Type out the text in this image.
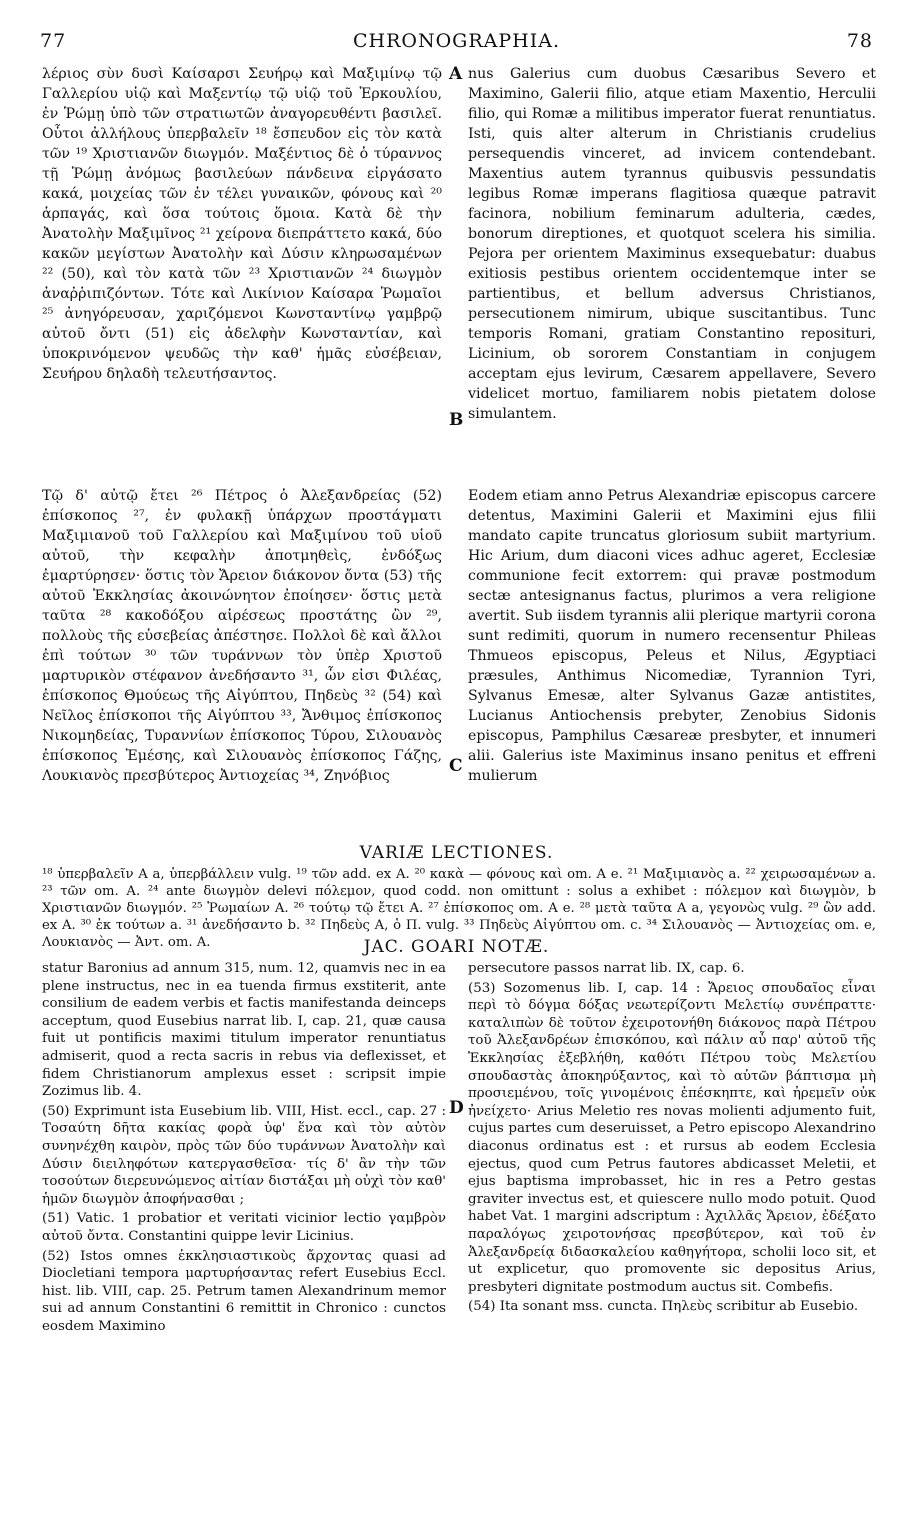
77	CHRONOGRAPHIA.	78

λέριος σὺν δυσὶ Καίσαρσι Σευήρῳ καὶ Μαξιμίνῳ τῷ Γαλλερίου υἱῷ καὶ Μαξεντίῳ τῷ υἱῷ τοῦ Ἑρκουλίου, ἐν Ῥώμῃ ὑπὸ τῶν στρατιωτῶν ἀναγορευθέντι βασιλεῖ. Οὗτοι ἀλλήλους ὑπερβαλεῖν ¹⁸ ἔσπευδον εἰς τὸν κατὰ τῶν ¹⁹ Χριστιανῶν διωγμόν. Μαξέντιος δὲ ὁ τύραννος τῇ Ῥώμῃ ἀνόμως βασιλεύων πάνδεινα εἰργάσατο κακά, μοιχείας τῶν ἐν τέλει γυναικῶν, φόνους καὶ ²⁰ ἁρπαγάς, καὶ ὅσα τούτοις ὅμοια. Κατὰ δὲ τὴν Ἀνατολὴν Μαξιμῖνος ²¹ χείρονα διεπράττετο κακά, δύο κακῶν μεγίστων Ἀνατολὴν καὶ Δύσιν κληρωσαμένων ²² (50), καὶ τὸν κατὰ τῶν ²³ Χριστιανῶν ²⁴ διωγμὸν ἀναῤῥιπιζόντων. Τότε καὶ Λικίνιον Καίσαρα Ῥωμαῖοι ²⁵ ἀνηγόρευσαν, χαριζόμενοι Κωνσταντίνῳ γαμβρῷ αὐτοῦ ὄντι (51) εἰς ἀδελφὴν Κωνσταντίαν, καὶ ὑποκρινόμενον ψευδῶς τὴν καθ' ἡμᾶς εὐσέβειαν, Σευήρου δηλαδὴ τελευτήσαντος.

Τῷ δ' αὐτῷ ἔτει ²⁶ Πέτρος ὁ Ἀλεξανδρείας (52) ἐπίσκοπος ²⁷, ἐν φυλακῇ ὑπάρχων προστάγματι Μαξιμιανοῦ τοῦ Γαλλερίου καὶ Μαξιμίνου τοῦ υἱοῦ αὐτοῦ, τὴν κεφαλὴν ἀποτμηθεὶς, ἐνδόξως ἐμαρτύρησεν· ὅστις τὸν Ἄρειον διάκονον ὄντα (53) τῆς αὐτοῦ Ἐκκλησίας ἀκοινώνητον ἐποίησεν· ὅστις μετὰ ταῦτα ²⁸ κακοδόξου αἱρέσεως προστάτης ὢν ²⁹, πολλοὺς τῆς εὐσεβείας ἀπέστησε. Πολλοὶ δὲ καὶ ἄλλοι ἐπὶ τούτων ³⁰ τῶν τυράννων τὸν ὑπὲρ Χριστοῦ μαρτυρικὸν στέφανον ἀνεδήσαντο ³¹, ὧν εἰσι Φιλέας, ἐπίσκοπος Θμούεως τῆς Αἰγύπτου, Πηδεὺς ³² (54) καὶ Νεῖλος ἐπίσκοποι τῆς Αἰγύπτου ³³, Ἄνθιμος ἐπίσκοπος Νικομηδείας, Τυραννίων ἐπίσκοπος Τύρου, Σιλουανὸς ἐπίσκοπος Ἐμέσης, καὶ Σιλουανὸς ἐπίσκοπος Γάζης, Λουκιανὸς πρεσβύτερος Ἀντιοχείας ³⁴, Ζηνόβιος

nus Galerius cum duobus Cæsaribus Severo et Maximino, Galerii filio, atque etiam Maxentio, Herculii filio, qui Romæ a militibus imperator fuerat renuntiatus. Isti, quis alter alterum in Christianis crudelius persequendis vinceret, ad invicem contendebant. Maxentius autem tyrannus quibusvis pessundatis legibus Romæ imperans flagitiosa quæque patravit facinora, nobilium feminarum adulteria, cædes, bonorum direptiones, et quotquot scelera his similia. Pejora per orientem Maximinus exsequebatur: duabus exitiosis pestibus orientem occidentemque inter se partientibus, et bellum adversus Christianos, persecutionem nimirum, ubique suscitantibus. Tunc temporis Romani, gratiam Constantino repositurі, Licinium, ob sororem Constantiam in conjugem acceptam ejus levirum, Cæsarem appellavere, Severo videlicet mortuo, familiarem nobis pietatem dolose simulantem.

Eodem etiam anno Petrus Alexandriæ episcopus carcere detentus, Maximini Galerii et Maximini ejus filii mandato capite truncatus gloriosum subiit martyrium. Hic Arium, dum diaconi vices adhuc ageret, Ecclesiæ communione fecit extorrem: qui pravæ postmodum sectæ antesignanus factus, plurimos a vera religione avertit. Sub iisdem tyrannis alii plerique martyrii corona sunt redimiti, quorum in numero recensentur Phileas Thmueos episcopus, Peleus et Nilus, Ægyptiaci præsules, Anthimus Nicomediæ, Tyrannion Tyri, Sylvanus Emesæ, alter Sylvanus Gazæ antistites, Lucianus Antiochensis prebyter, Zenobius Sidonis episcopus, Pamphilus Cæsareæ presbyter, et innumeri alii. Galerius iste Maximinus insano penitus et effreni mulierum

A
B
C
VARIÆ LECTIONES.

¹⁸ ὑπερβαλεῖν A a, ὑπερβάλλειν vulg. ¹⁹ τῶν add. ex A. ²⁰ κακὰ — φόνους καὶ om. A e. ²¹ Μαξιμιανὸς a. ²² χειρωσαμένων a. ²³ τῶν om. A. ²⁴ ante διωγμὸν delevi πόλεμον, quod codd. non omittunt : solus a exhibet : πόλεμον καὶ διωγμὸν, b Χριστιανῶν διωγμόν. ²⁵ Ῥωμαίων A. ²⁶ τούτῳ τῷ ἔτει A. ²⁷ ἐπίσκοπος om. A e. ²⁸ μετὰ ταῦτα A a, γεγονὼς vulg. ²⁹ ὢν add. ex A. ³⁰ ἐκ τούτων a. ³¹ ἀνεδήσαντο b. ³² Πηδεὺς A, ὁ Π. vulg. ³³ Πηδεὺς Αἰγύπτου om. c. ³⁴ Σιλουανὸς — Ἀντιοχείας om. e, Λουκιανὸς — Ἀντ. om. A.	JAC. GOARI NOTÆ.

statur Baronius ad annum 315, num. 12, quamvis nec in ea plene instructus, nec in ea tuenda firmus exstiterit, ante consilium de eadem verbis et factis manifestanda deinceps acceptum, quod Eusebius narrat lib. I, cap. 21, quæ causa fuit ut pontificis maximi titulum imperator renuntiatus admiserit, quod a recta sacris in rebus via deflexisset, et fidem Christianorum amplexus esset : scripsit impie Zozimus lib. 4.

(50) Exprimunt ista Eusebium lib. VIII, Hist. eccl., cap. 27 : Τοσαύτη δῆτα κακίας φορὰ ὑφ' ἕνα καὶ τὸν αὐτὸν συνηνέχθη καιρὸν, πρὸς τῶν δύο τυράννων Ἀνατολὴν καὶ Δύσιν διειληφότων κατεργασθεῖσα· τίς δ' ἂν τὴν τῶν τοσούτων διερευνώμενος αἰτίαν διστάξαι μὴ οὐχὶ τὸν καθ' ἡμῶν διωγμὸν ἀποφήνασθαι ;

(51) Vatic. 1 probatior et veritati vicinior lectio γαμβρὸν αὐτοῦ ὄντα. Constantini quippe levir Licinius.

(52) Istos omnes ἐκκλησιαστικοὺς ἄρχοντας quasi ad Diocletiani tempora μαρτυρήσαντας refert Eusebius Eccl. hist. lib. VIII, cap. 25. Petrum tamen Alexandrinum memor sui ad annum Constantini 6 remittit in Chronico : cunctos eosdem Maximino

D

persecutore passos narrat lib. IX, cap. 6.

(53) Sozomenus lib. I, cap. 14 : Ἄρειος σπουδαῖος εἶναι περὶ τὸ δόγμα δόξας νεωτερίζοντι Μελετίῳ συνέπραττε· καταλιπὼν δὲ τοῦτον ἐχειροτονήθη διάκονος παρὰ Πέτρου τοῦ Ἀλεξανδρέων ἐπισκόπου, καὶ πάλιν αὖ παρ' αὐτοῦ τῆς Ἐκκλησίας ἐξεβλήθη, καθότι Πέτρου τοὺς Μελετίου σπουδαστὰς ἀποκηρύξαντος, καὶ τὸ αὐτῶν βάπτισμα μὴ προσιεμένου, τοῖς γινομένοις ἐπέσκηπτε, καὶ ἠρεμεῖν οὐκ ἠνείχετο· Arius Meletio res novas molienti adjumento fuit, cujus partes cum deseruisset, a Petro episcopo Alexandrino diaconus ordinatus est : et rursus ab eodem Ecclesia ejectus, quod cum Petrus fautores abdicasset Meletii, et ejus baptisma improbasset, hic in res a Petro gestas graviter invectus est, et quiescere nullo modo potuit. Quod habet Vat. 1 margini adscriptum : Ἀχιλλᾶς Ἄρειον, ἐδέξατο παραλόγως χειροτονήσας πρεσβύτερον, καὶ τοῦ ἐν Ἀλεξανδρείᾳ διδασκαλείου καθηγήτορα, scholii loco sit, et ut explicetur, quo promovente sic depositus Arius, presbyteri dignitate postmodum auctus sit. Combefis.

(54) Ita sonant mss. cuncta. Πηλεὺς scribitur ab Eusebio.
